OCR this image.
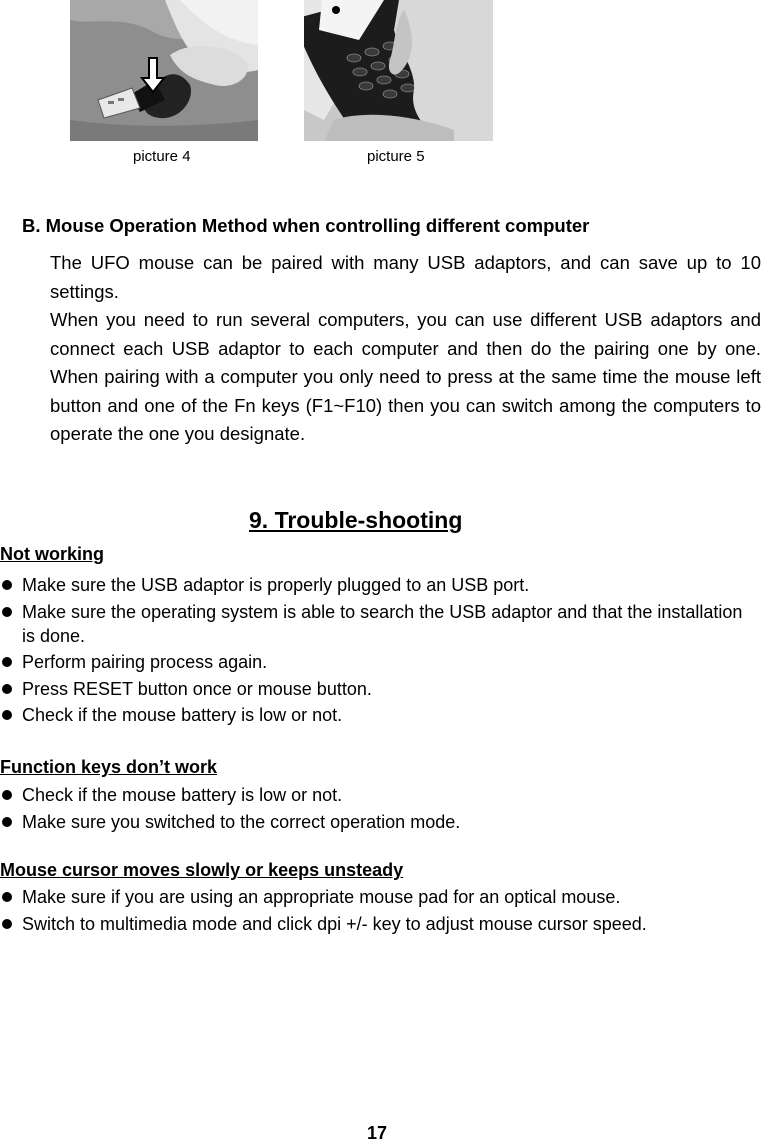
picture 4	picture 5
B. Mouse Operation Method when controlling different computer

The UFO mouse can be paired with many USB adaptors, and can save up to 10 settings.

When you need to run several computers, you can use different USB adaptors and connect each USB adaptor to each computer and then do the pairing one by one. When pairing with a computer you only need to press at the same time the mouse left button and one of the Fn keys (F1~F10) then you can switch among the computers to operate the one you designate.

9. Trouble-shooting
Not working
Make sure the USB adaptor is properly plugged to an USB port.
Make sure the operating system is able to search the USB adaptor and that the installation is done.
Perform pairing process again.
Press RESET button once or mouse button.
Check if the mouse battery is low or not.
Function keys don’t work
Check if the mouse battery is low or not.
Make sure you switched to the correct operation mode.
Mouse cursor moves slowly or keeps unsteady
Make sure if you are using an appropriate mouse pad for an optical mouse.
Switch to multimedia mode and click dpi +/- key to adjust mouse cursor speed.
17
